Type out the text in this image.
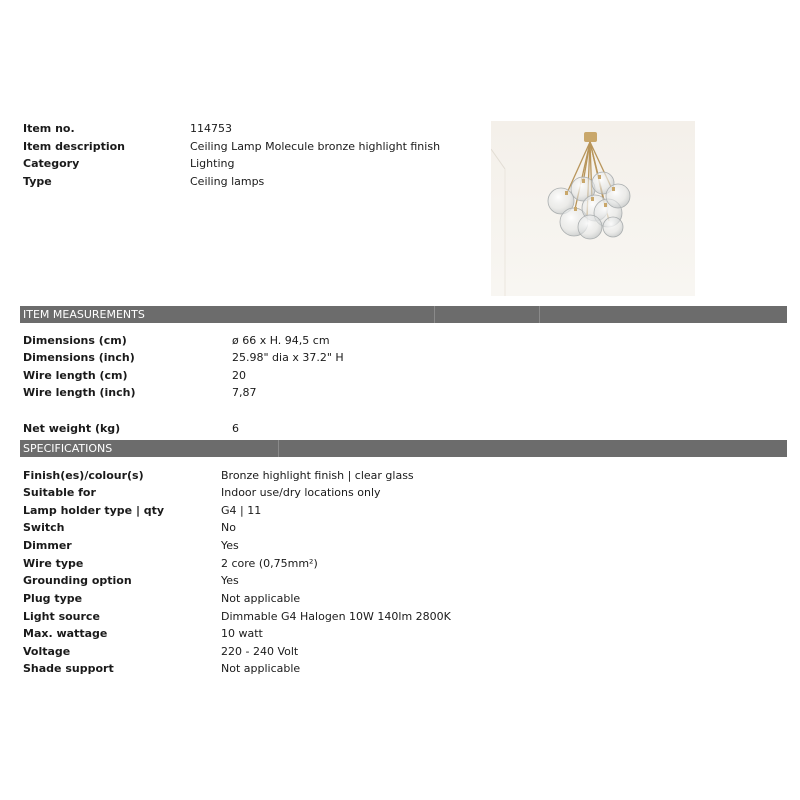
Item no.	114753
Item description	Ceiling Lamp Molecule bronze highlight finish
Category	Lighting
Type	Ceiling lamps
ITEM MEASUREMENTS
Dimensions (cm)	ø 66 x H. 94,5 cm
Dimensions (inch)	25.98" dia x 37.2" H
Wire length (cm)	20
Wire length (inch)	7,87
Net weight (kg)	6
SPECIFICATIONS
Finish(es)/colour(s)	Bronze highlight finish | clear glass
Suitable for	Indoor use/dry locations only
Lamp holder type | qty	G4 | 11
Switch	No
Dimmer	Yes
Wire type	2 core (0,75mm²)
Grounding option	Yes
Plug type	Not applicable
Light source	Dimmable G4 Halogen 10W 140lm 2800K
Max. wattage	10 watt
Voltage	220 - 240 Volt
Shade support	Not applicable
